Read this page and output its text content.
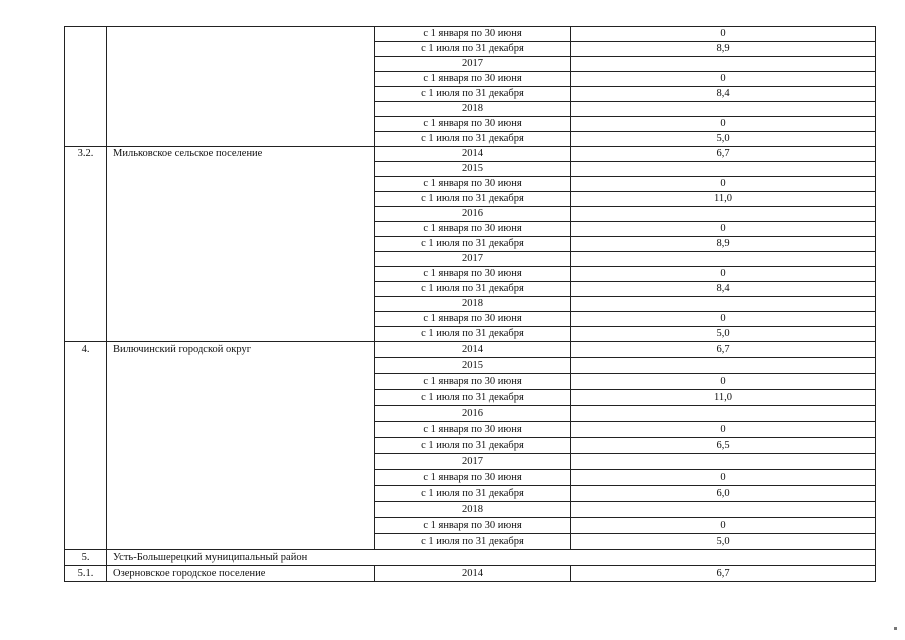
		с 1 января по 30 июня	0
		с 1 июля по 31 декабря	8,9
		2017	
		с 1 января по 30 июня	0
		с 1 июля по 31 декабря	8,4
		2018	
		с 1 января по 30 июня	0
		с 1 июля по 31 декабря	5,0
3.2.	Мильковское сельское поселение	2014	6,7
		2015	
		с 1 января по 30 июня	0
		с 1 июля по 31 декабря	11,0
		2016	
		с 1 января по 30 июня	0
		с 1 июля по 31 декабря	8,9
		2017	
		с 1 января по 30 июня	0
		с 1 июля по 31 декабря	8,4
		2018	
		с 1 января по 30 июня	0
		с 1 июля по 31 декабря	5,0
4.	Вилючинский городской округ	2014	6,7
		2015	
		с 1 января по 30 июня	0
		с 1 июля по 31 декабря	11,0
		2016	
		с 1 января по 30 июня	0
		с 1 июля по 31 декабря	6,5
		2017	
		с 1 января по 30 июня	0
		с 1 июля по 31 декабря	6,0
		2018	
		с 1 января по 30 июня	0
		с 1 июля по 31 декабря	5,0
5.	Усть-Большерецкий муниципальный район		
5.1.	Озерновское городское поселение	2014	6,7
